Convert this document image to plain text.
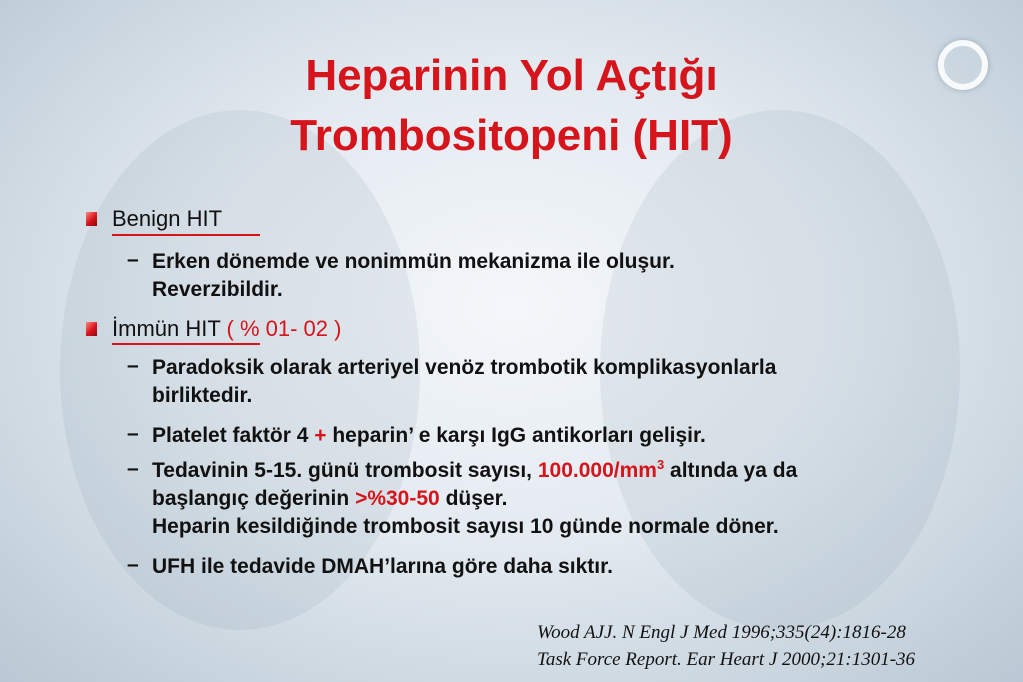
Heparinin Yol Açtığı
Trombositopeni (HIT)
Benign HIT
– Erken dönemde ve nonimmün mekanizma ile oluşur.
Reverzibildir.
İmmün HIT ( % 01- 02 )
– Paradoksik olarak arteriyel venöz trombotik komplikasyonlarla
birliktedir.
– Platelet faktör 4 + heparin’ e karşı IgG antikorları gelişir.
– Tedavinin 5-15. günü trombosit sayısı, $100.000/mm^3$ altında ya da
başlangıç değerinin >%30-50 düşer.
Heparin kesildiğinde trombosit sayısı 10 günde normale döner.
– UFH ile tedavide DMAH’larına göre daha sıktır.
Wood AJJ. N Engl J Med 1996;335(24):1816-28
Task Force Report. Ear Heart J 2000;21:1301-36
